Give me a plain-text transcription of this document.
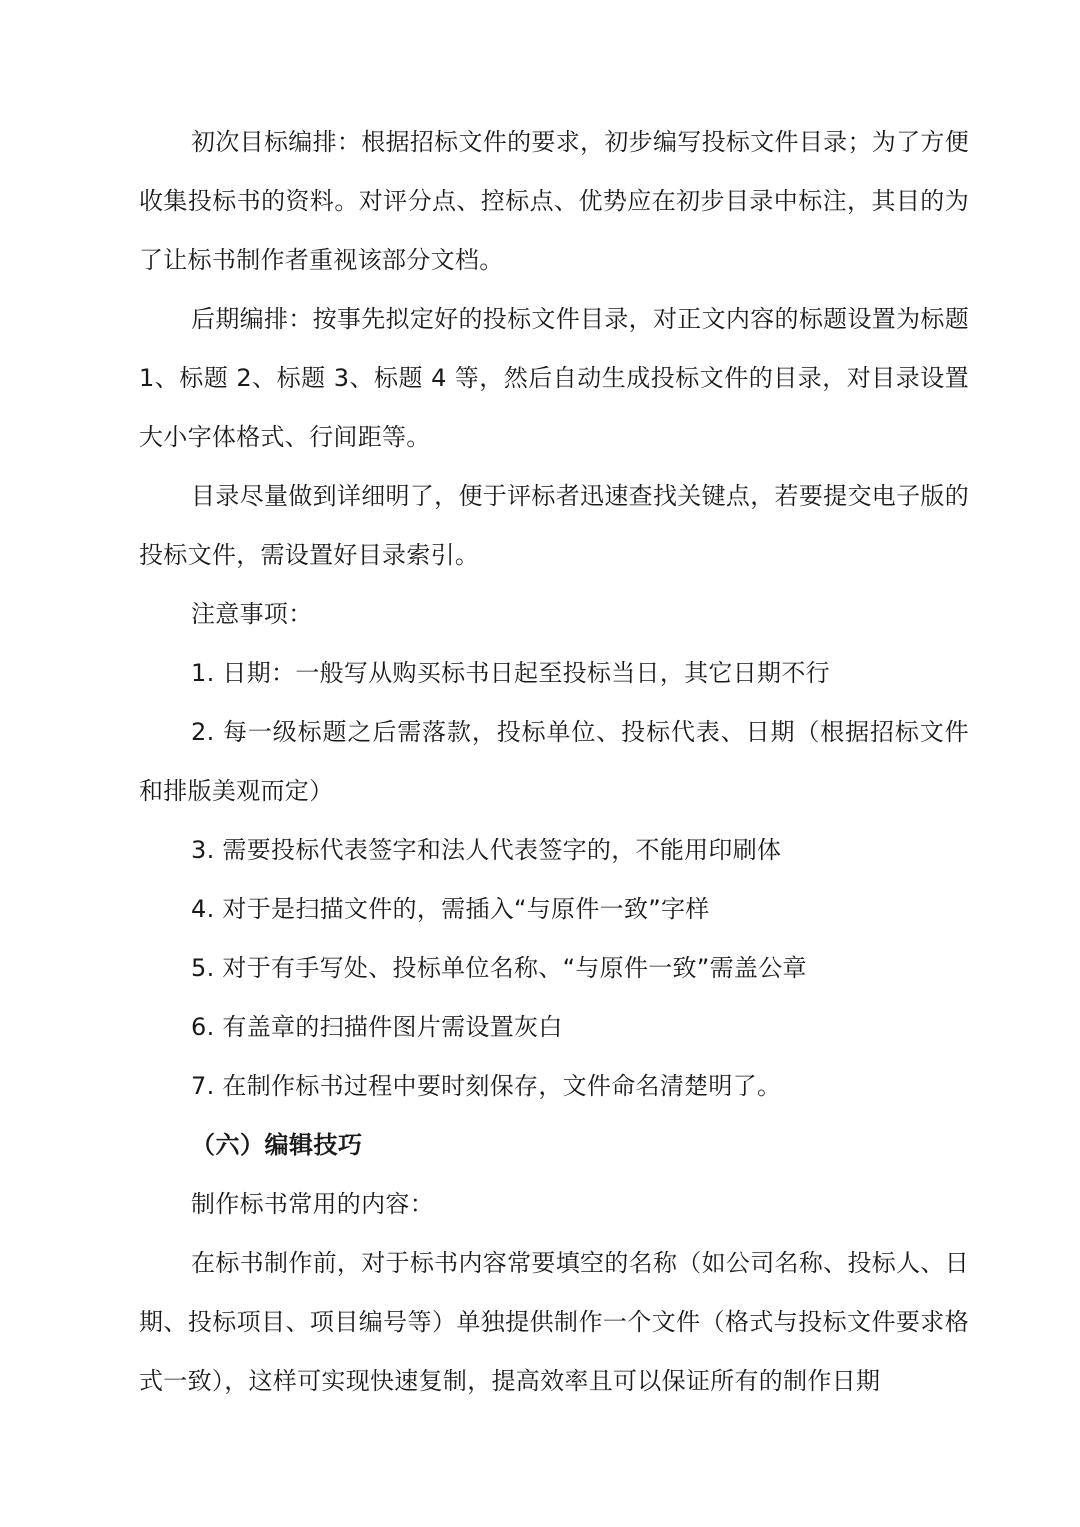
初次目标编排：根据招标文件的要求，初步编写投标文件目录；为了方便收集投标书的资料。对评分点、控标点、优势应在初步目录中标注，其目的为了让标书制作者重视该部分文档。

后期编排：按事先拟定好的投标文件目录，对正文内容的标题设置为标题 1、标题 2、标题 3、标题 4 等，然后自动生成投标文件的目录，对目录设置大小字体格式、行间距等。

目录尽量做到详细明了，便于评标者迅速查找关键点，若要提交电子版的投标文件，需设置好目录索引。

注意事项：

1. 日期：一般写从购买标书日起至投标当日，其它日期不行

2. 每一级标题之后需落款，投标单位、投标代表、日期（根据招标文件和排版美观而定）

3. 需要投标代表签字和法人代表签字的，不能用印刷体

4. 对于是扫描文件的，需插入“与原件一致”字样

5. 对于有手写处、投标单位名称、“与原件一致”需盖公章

6. 有盖章的扫描件图片需设置灰白

7. 在制作标书过程中要时刻保存，文件命名清楚明了。

（六）编辑技巧

制作标书常用的内容：

在标书制作前，对于标书内容常要填空的名称（如公司名称、投标人、日期、投标项目、项目编号等）单独提供制作一个文件（格式与投标文件要求格式一致），这样可实现快速复制，提高效率且可以保证所有的制作日期
